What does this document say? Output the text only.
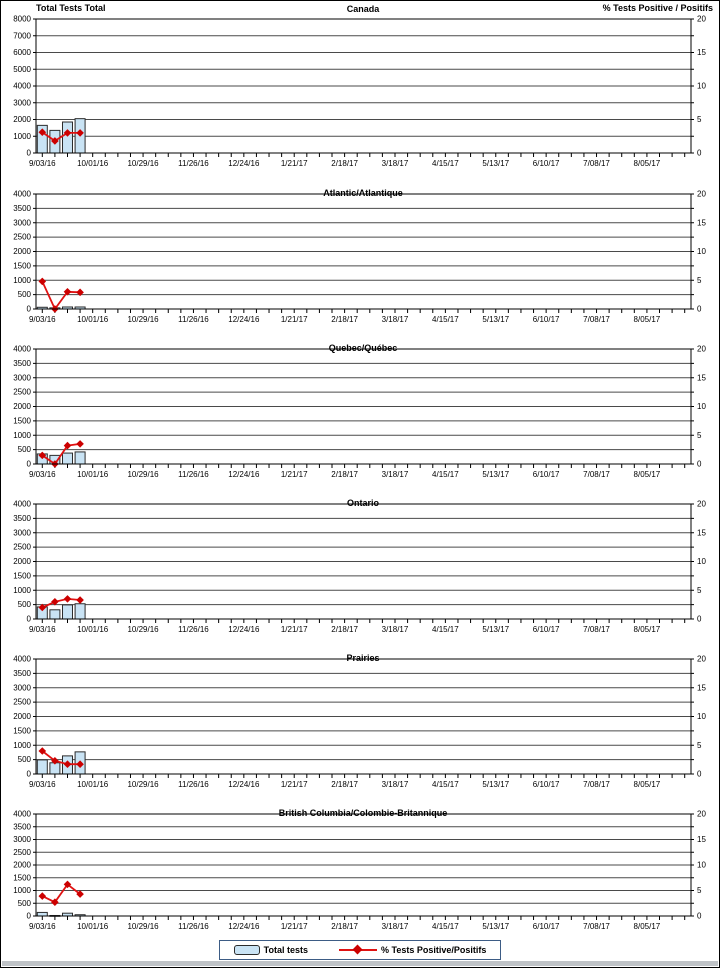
Total Tests Total	% Tests Positive / Positifs
Canada
0	0
1000
2000	5
3000
4000	10
5000
6000	15
7000
8000	20
9/03/16	10/01/16 10/29/16 11/26/16 12/24/16	1/21/17	2/18/17	3/18/17	4/15/17	5/13/17	6/10/17	7/08/17	8/05/17
Atlantic/Atlantique
0	0
500
1000	5
1500
2000	10
2500
3000	15
3500
4000	20
9/03/16	10/01/16 10/29/16 11/26/16 12/24/16	1/21/17	2/18/17	3/18/17	4/15/17	5/13/17	6/10/17	7/08/17	8/05/17
Quebec/Québec
0	0
500
1000	5
1500
2000	10
2500
3000	15
3500
4000	20
9/03/16	10/01/16 10/29/16 11/26/16 12/24/16	1/21/17	2/18/17	3/18/17	4/15/17	5/13/17	6/10/17	7/08/17	8/05/17
Ontario
0	0
500
1000	5
1500
2000	10
2500
3000	15
3500
4000	20
9/03/16	10/01/16 10/29/16 11/26/16 12/24/16	1/21/17	2/18/17	3/18/17	4/15/17	5/13/17	6/10/17	7/08/17	8/05/17
Prairies
0	0
500
1000	5
1500
2000	10
2500
3000	15
3500
4000	20
9/03/16	10/01/16 10/29/16 11/26/16 12/24/16	1/21/17	2/18/17	3/18/17	4/15/17	5/13/17	6/10/17	7/08/17	8/05/17
British Columbia/Colombie-Britannique
0	0
500
1000	5
1500
2000	10
2500
3000	15
3500
4000	20
9/03/16	10/01/16 10/29/16 11/26/16 12/24/16	1/21/17	2/18/17	3/18/17	4/15/17	5/13/17	6/10/17	7/08/17	8/05/17
Total tests	% Tests Positive/Positifs
